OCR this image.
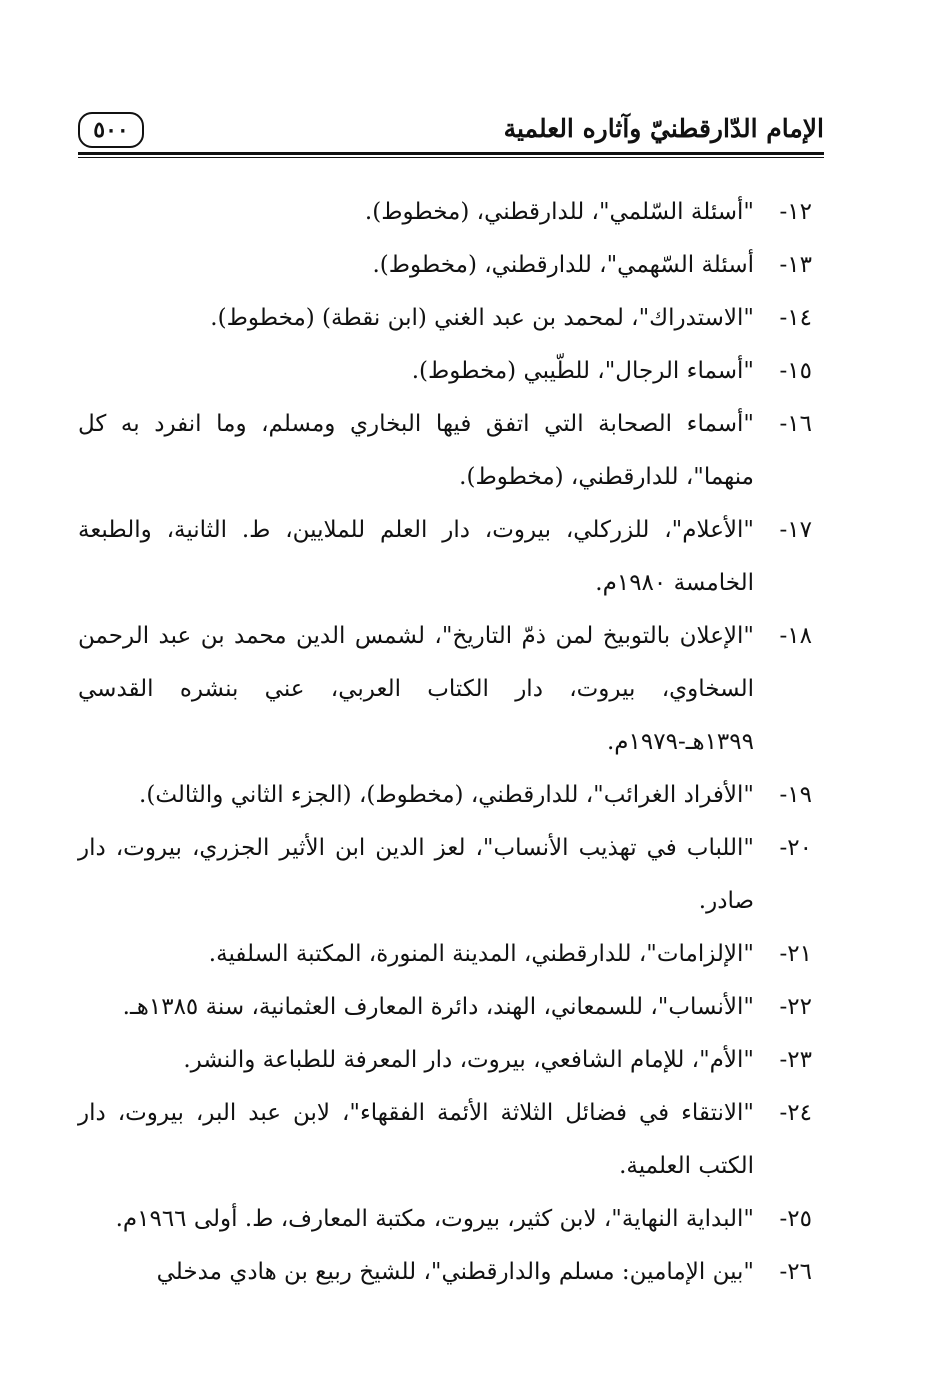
٥٠٠	الإمام الدّارقطنيّ وآثاره العلمية
١٢-
"أسئلة السّلمي"، للدارقطني، (مخطوط).
١٣-
أسئلة السّهمي"، للدارقطني، (مخطوط).
١٤-
"الاستدراك"، لمحمد بن عبد الغني (ابن نقطة) (مخطوط).
١٥-
"أسماء الرجال"، للطّيبي (مخطوط).
١٦-
"أسماء الصحابة التي اتفق فيها البخاري ومسلم، وما انفرد به كل منهما"، للدارقطني، (مخطوط).
١٧-
"الأعلام"، للزركلي، بيروت، دار العلم للملايين، ط. الثانية، والطبعة الخامسة ١٩٨٠م.
١٨-
"الإعلان بالتوبيخ لمن ذمّ التاريخ"، لشمس الدين محمد بن عبد الرحمن السخاوي، بيروت، دار الكتاب العربي، عني بنشره القدسي ١٣٩٩هـ-١٩٧٩م.
١٩-
"الأفراد الغرائب"، للدارقطني، (مخطوط)، (الجزء الثاني والثالث).
٢٠-
"اللباب في تهذيب الأنساب"، لعز الدين ابن الأثير الجزري، بيروت، دار صادر.
٢١-
"الإلزامات"، للدارقطني، المدينة المنورة، المكتبة السلفية.
٢٢-
"الأنساب"، للسمعاني، الهند، دائرة المعارف العثمانية، سنة ١٣٨٥هـ.
٢٣-
"الأم"، للإمام الشافعي، بيروت، دار المعرفة للطباعة والنشر.
٢٤-
"الانتقاء في فضائل الثلاثة الأئمة الفقهاء"، لابن عبد البر، بيروت، دار الكتب العلمية.
٢٥-
"البداية النهاية"، لابن كثير، بيروت، مكتبة المعارف، ط. أولى ١٩٦٦م.
٢٦-
"بين الإمامين: مسلم والدارقطني"، للشيخ ربيع بن هادي مدخلي
